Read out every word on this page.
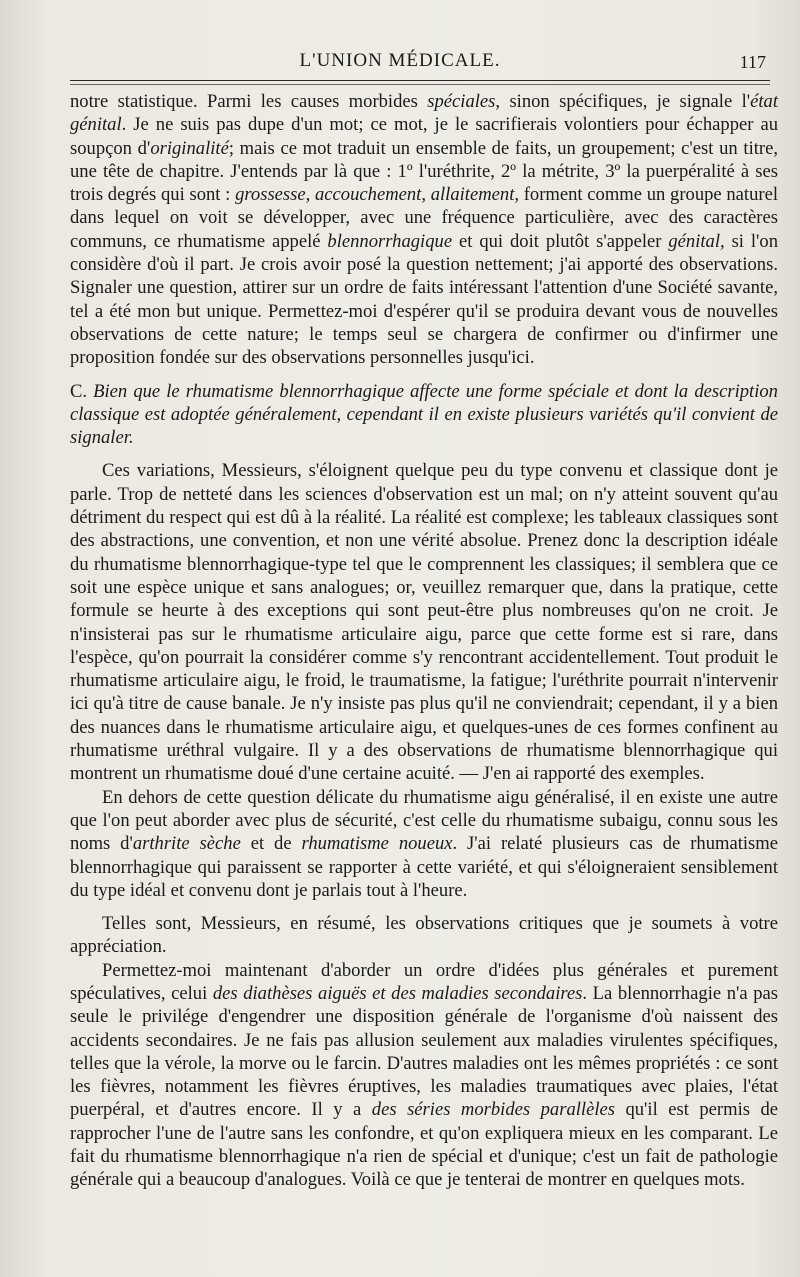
L'UNION MÉDICALE.	117

notre statistique. Parmi les causes morbides spéciales, sinon spécifiques, je signale l'état génital. Je ne suis pas dupe d'un mot; ce mot, je le sacrifierais volontiers pour échapper au soupçon d'originalité; mais ce mot traduit un ensemble de faits, un groupement; c'est un titre, une tête de chapitre. J'entends par là que : 1º l'uréthrite, 2º la métrite, 3º la puerpéralité à ses trois degrés qui sont : grossesse, accouchement, allaitement, forment comme un groupe naturel dans lequel on voit se développer, avec une fréquence particulière, avec des caractères communs, ce rhumatisme appelé blennorrhagique et qui doit plutôt s'appeler génital, si l'on considère d'où il part. Je crois avoir posé la question nettement; j'ai apporté des observations. Signaler une question, attirer sur un ordre de faits intéressant l'attention d'une Société savante, tel a été mon but unique. Permettez-moi d'espérer qu'il se produira devant vous de nouvelles observations de cette nature; le temps seul se chargera de confirmer ou d'infirmer une proposition fondée sur des observations personnelles jusqu'ici.

C. Bien que le rhumatisme blennorrhagique affecte une forme spéciale et dont la description classique est adoptée généralement, cependant il en existe plusieurs variétés qu'il convient de signaler.

Ces variations, Messieurs, s'éloignent quelque peu du type convenu et classique dont je parle. Trop de netteté dans les sciences d'observation est un mal; on n'y atteint souvent qu'au détriment du respect qui est dû à la réalité. La réalité est complexe; les tableaux classiques sont des abstractions, une convention, et non une vérité absolue. Prenez donc la description idéale du rhumatisme blennorrhagique-type tel que le comprennent les classiques; il semblera que ce soit une espèce unique et sans analogues; or, veuillez remarquer que, dans la pratique, cette formule se heurte à des exceptions qui sont peut-être plus nombreuses qu'on ne croit. Je n'insisterai pas sur le rhumatisme articulaire aigu, parce que cette forme est si rare, dans l'espèce, qu'on pourrait la considérer comme s'y rencontrant accidentellement. Tout produit le rhumatisme articulaire aigu, le froid, le traumatisme, la fatigue; l'uréthrite pourrait n'intervenir ici qu'à titre de cause banale. Je n'y insiste pas plus qu'il ne conviendrait; cependant, il y a bien des nuances dans le rhumatisme articulaire aigu, et quelques-unes de ces formes confinent au rhumatisme uréthral vulgaire. Il y a des observations de rhumatisme blennorrhagique qui montrent un rhumatisme doué d'une certaine acuité. — J'en ai rapporté des exemples.

En dehors de cette question délicate du rhumatisme aigu généralisé, il en existe une autre que l'on peut aborder avec plus de sécurité, c'est celle du rhumatisme subaigu, connu sous les noms d'arthrite sèche et de rhumatisme noueux. J'ai relaté plusieurs cas de rhumatisme blennorrhagique qui paraissent se rapporter à cette variété, et qui s'éloigneraient sensiblement du type idéal et convenu dont je parlais tout à l'heure.

Telles sont, Messieurs, en résumé, les observations critiques que je soumets à votre appréciation.

Permettez-moi maintenant d'aborder un ordre d'idées plus générales et purement spéculatives, celui des diathèses aiguës et des maladies secondaires. La blennorrhagie n'a pas seule le privilége d'engendrer une disposition générale de l'organisme d'où naissent des accidents secondaires. Je ne fais pas allusion seulement aux maladies virulentes spécifiques, telles que la vérole, la morve ou le farcin. D'autres maladies ont les mêmes propriétés : ce sont les fièvres, notamment les fièvres éruptives, les maladies traumatiques avec plaies, l'état puerpéral, et d'autres encore. Il y a des séries morbides parallèles qu'il est permis de rapprocher l'une de l'autre sans les confondre, et qu'on expliquera mieux en les comparant. Le fait du rhumatisme blennorrhagique n'a rien de spécial et d'unique; c'est un fait de pathologie générale qui a beaucoup d'analogues. Voilà ce que je tenterai de montrer en quelques mots.
